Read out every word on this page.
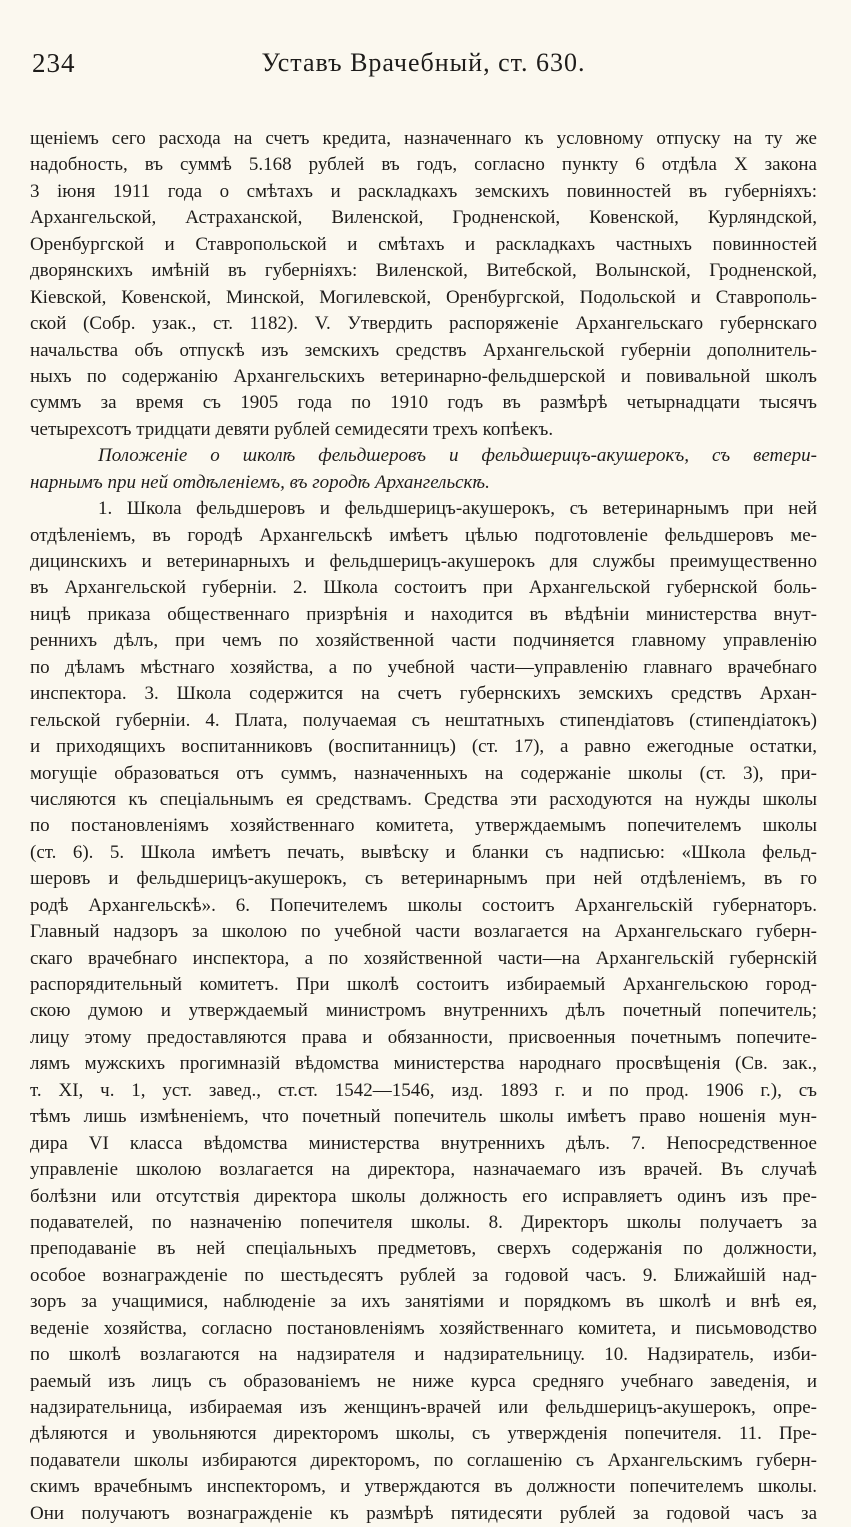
234	Уставъ Врачебный, ст. 630.
щеніемъ сего расхода на счетъ кредита, назначеннаго къ условному отпуску на ту же
надобность, въ суммѣ 5.168 рублей въ годъ, согласно пункту 6 отдѣла X закона
3 іюня 1911 года о смѣтахъ и раскладкахъ земскихъ повинностей въ губерніяхъ:
Архангельской, Астраханской, Виленской, Гродненской, Ковенской, Курляндской,
Оренбургской и Ставропольской и смѣтахъ и раскладкахъ частныхъ повинностей
дворянскихъ имѣній въ губерніяхъ: Виленской, Витебской, Волынской, Гродненской,
Кіевской, Ковенской, Минской, Могилевской, Оренбургской, Подольской и Ставрополь-
ской (Собр. узак., ст. 1182). V. Утвердить распоряженіе Архангельскаго губернскаго
начальства объ отпускѣ изъ земскихъ средствъ Архангельской губерніи дополнитель-
ныхъ по содержанію Архангельскихъ ветеринарно-фельдшерской и повивальной школъ
суммъ за время съ 1905 года по 1910 годъ въ размѣрѣ четырнадцати тысячъ
четырехсотъ тридцати девяти рублей семидесяти трехъ копѣекъ.
Положеніе о школѣ фельдшеровъ и фельдшерицъ-акушерокъ, съ ветери-
нарнымъ при ней отдѣленіемъ, въ городѣ Архангельскѣ.
1. Школа фельдшеровъ и фельдшерицъ-акушерокъ, съ ветеринарнымъ при ней
отдѣленіемъ, въ городѣ Архангельскѣ имѣетъ цѣлью подготовленіе фельдшеровъ ме-
дицинскихъ и ветеринарныхъ и фельдшерицъ-акушерокъ для службы преимущественно
въ Архангельской губерніи. 2. Школа состоитъ при Архангельской губернской боль-
ницѣ приказа общественнаго призрѣнія и находится въ вѣдѣніи министерства внут-
реннихъ дѣлъ, при чемъ по хозяйственной части подчиняется главному управленію
по дѣламъ мѣстнаго хозяйства, а по учебной части—управленію главнаго врачебнаго
инспектора. 3. Школа содержится на счетъ губернскихъ земскихъ средствъ Архан-
гельской губерніи. 4. Плата, получаемая съ нештатныхъ стипендіатовъ (стипендіатокъ)
и приходящихъ воспитанниковъ (воспитанницъ) (ст. 17), а равно ежегодные остатки,
могущіе образоваться отъ суммъ, назначенныхъ на содержаніе школы (ст. 3), при-
числяются къ спеціальнымъ ея средствамъ. Средства эти расходуются на нужды школы
по постановленіямъ хозяйственнаго комитета, утверждаемымъ попечителемъ школы
(ст. 6). 5. Школа имѣетъ печать, вывѣску и бланки съ надписью: «Школа фельд-
шеровъ и фельдшерицъ-акушерокъ, съ ветеринарнымъ при ней отдѣленіемъ, въ го
родѣ Архангельскѣ». 6. Попечителемъ школы состоитъ Архангельскій губернаторъ.
Главный надзоръ за школою по учебной части возлагается на Архангельскаго губерн-
скаго врачебнаго инспектора, а по хозяйственной части—на Архангельскій губернскій
распорядительный комитетъ. При школѣ состоитъ избираемый Архангельскою город-
скою думою и утверждаемый министромъ внутреннихъ дѣлъ почетный попечитель;
лицу этому предоставляются права и обязанности, присвоенныя почетнымъ попечите-
лямъ мужскихъ прогимназій вѣдомства министерства народнаго просвѣщенія (Св. зак.,
т. XI, ч. 1, уст. завед., ст.ст. 1542—1546, изд. 1893 г. и по прод. 1906 г.), съ
тѣмъ лишь измѣненіемъ, что почетный попечитель школы имѣетъ право ношенія мун-
дира VI класса вѣдомства министерства внутреннихъ дѣлъ. 7. Непосредственное
управленіе школою возлагается на директора, назначаемаго изъ врачей. Въ случаѣ
болѣзни или отсутствія директора школы должность его исправляетъ одинъ изъ пре-
подавателей, по назначенію попечителя школы. 8. Директоръ школы получаетъ за
преподаваніе въ ней спеціальныхъ предметовъ, сверхъ содержанія по должности,
особое вознагражденіе по шестьдесятъ рублей за годовой часъ. 9. Ближайшій над-
зоръ за учащимися, наблюденіе за ихъ занятіями и порядкомъ въ школѣ и внѣ ея,
веденіе хозяйства, согласно постановленіямъ хозяйственнаго комитета, и письмоводство
по школѣ возлагаются на надзирателя и надзирательницу. 10. Надзиратель, изби-
раемый изъ лицъ съ образованіемъ не ниже курса средняго учебнаго заведенія, и
надзирательница, избираемая изъ женщинъ-врачей или фельдшерицъ-акушерокъ, опре-
дѣляются и увольняются директоромъ школы, съ утвержденія попечителя. 11. Пре-
подаватели школы избираются директоромъ, по соглашенію съ Архангельскимъ губерн-
скимъ врачебнымъ инспекторомъ, и утверждаются въ должности попечителемъ школы.
Они получаютъ вознагражденіе къ размѣрѣ пятидесяти рублей за годовой часъ за
